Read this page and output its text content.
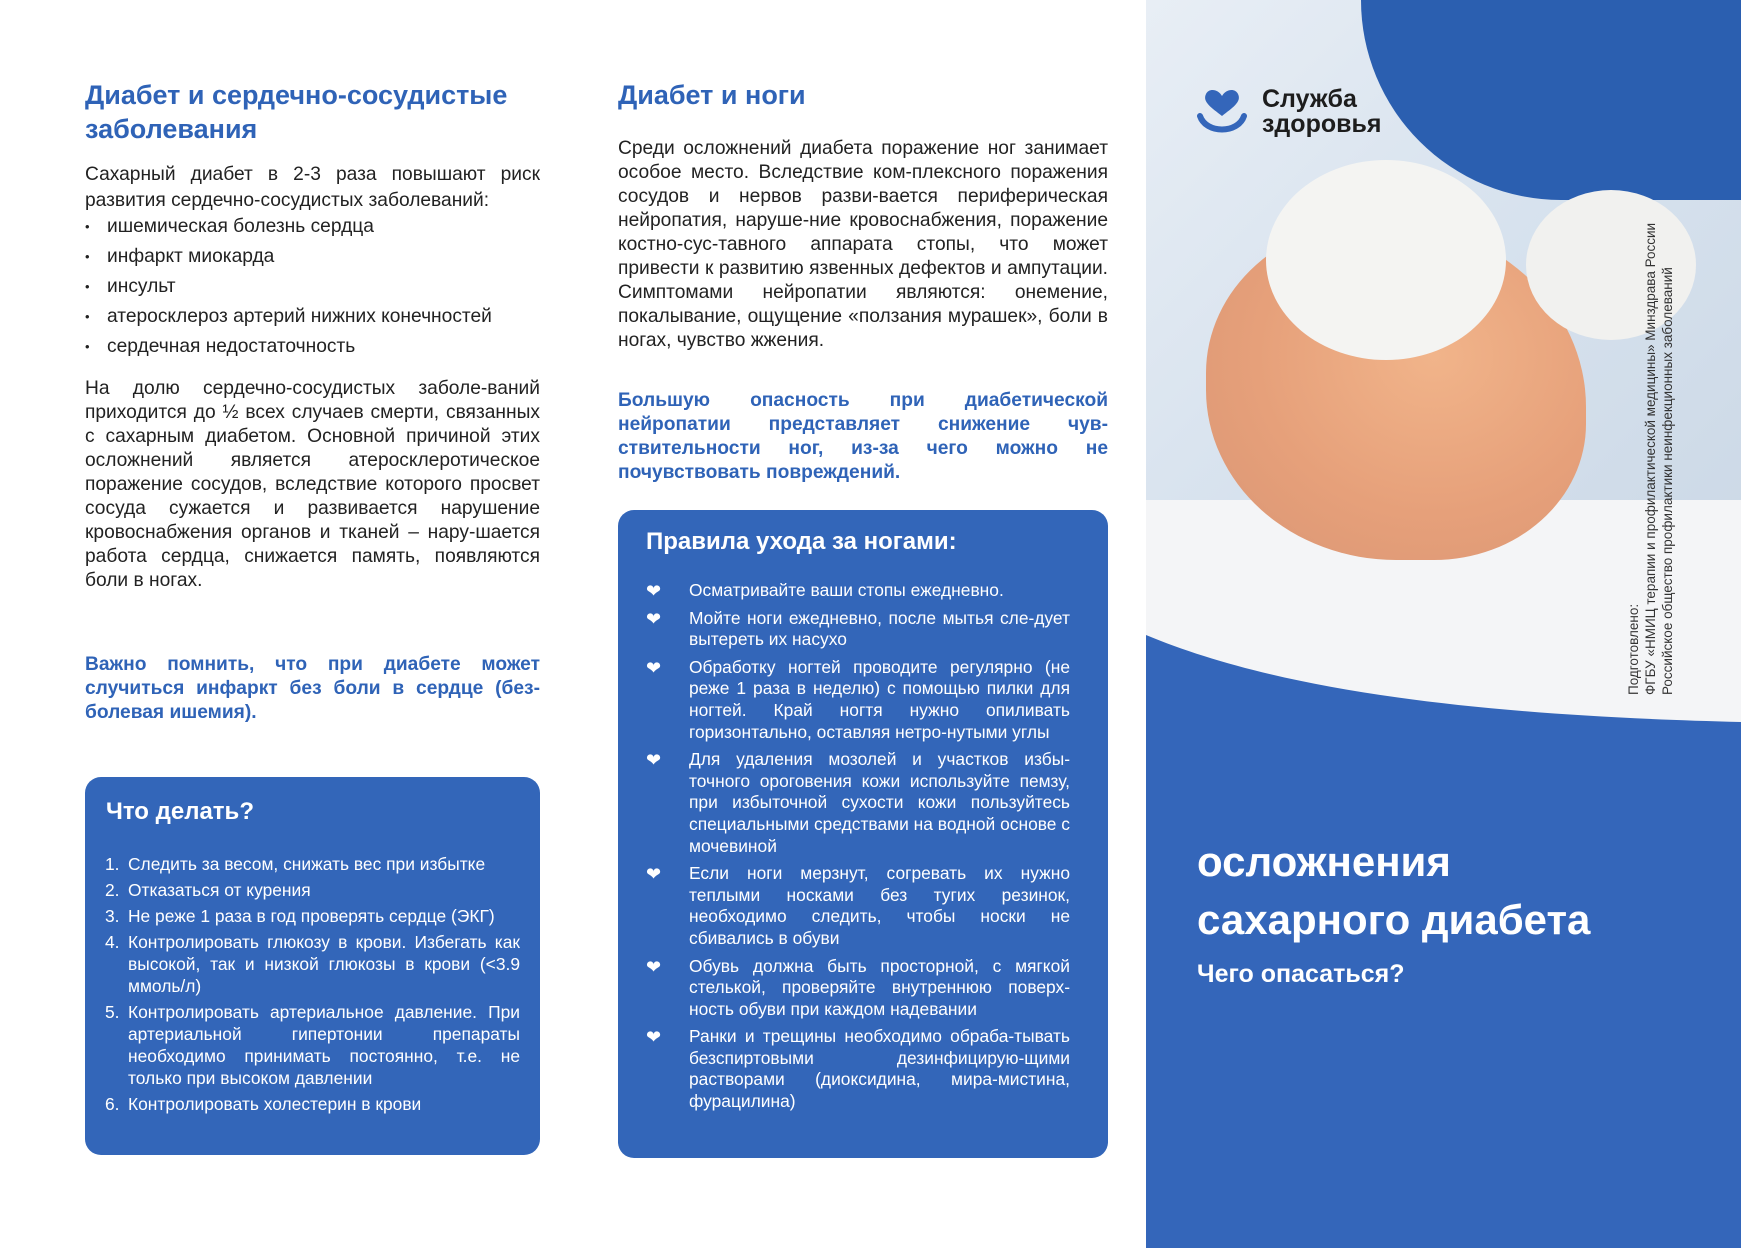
Диабет и сердечно-сосудистые заболевания

Сахарный диабет в 2-3 раза повышают риск развития сердечно-сосудистых заболеваний:

• ишемическая болезнь сердца
• инфаркт миокарда
• инсульт
• атеросклероз артерий нижних конечностей
• сердечная недостаточность

На долю сердечно-сосудистых заболе-ваний приходится до ½ всех случаев смерти, связанных с сахарным диабетом. Основной причиной этих осложнений является атеросклеротическое поражение сосудов, вследствие которого просвет сосуда сужается и развивается нарушение кровоснабжения органов и тканей – нару-шается работа сердца, снижается память, появляются боли в ногах.

Важно помнить, что при диабете может случиться инфаркт без боли в сердце (без-болевая ишемия).

Что делать?
1. Следить за весом, снижать вес при избытке
2. Отказаться от курения
3. Не реже 1 раза в год проверять сердце (ЭКГ)
4. Контролировать глюкозу в крови. Избегать как высокой, так и низкой глюкозы в крови (<3.9 ммоль/л)
5. Контролировать артериальное давление. При артериальной гипертонии препараты необходимо принимать постоянно, т.е. не только при высоком давлении
6. Контролировать холестерин в крови
Диабет и ноги

Среди осложнений диабета поражение ног занимает особое место. Вследствие ком-плексного поражения сосудов и нервов разви-вается периферическая нейропатия, наруше-ние кровоснабжения, поражение костно-сус-тавного аппарата стопы, что может привести к развитию язвенных дефектов и ампутации. Симптомами нейропатии являются: онемение, покалывание, ощущение «ползания мурашек», боли в ногах, чувство жжения.

Большую опасность при диабетической нейропатии представляет снижение чув-ствительности ног, из-за чего можно не почувствовать повреждений.

Правила ухода за ногами:
❤ Осматривайте ваши стопы ежедневно.
❤ Мойте ноги ежедневно, после мытья сле-дует вытереть их насухо
❤ Обработку ногтей проводите регулярно (не реже 1 раза в неделю) с помощью пилки для ногтей. Край ногтя нужно опиливать горизонтально, оставляя нетро-нутыми углы
❤ Для удаления мозолей и участков избы-точного ороговения кожи используйте пемзу, при избыточной сухости кожи пользуйтесь специальными средствами на водной основе с мочевиной
❤ Если ноги мерзнут, согревать их нужно теплыми носками без тугих резинок, необходимо следить, чтобы носки не сбивались в обуви
❤ Обувь должна быть просторной, с мягкой стелькой, проверяйте внутреннюю поверх-ность обуви при каждом надевании
❤ Ранки и трещины необходимо обраба-тывать безспиртовыми дезинфицирую-щими растворами (диоксидина, мира-мистина, фурацилина)
Служба
здоровья
Подготовлено: ФГБУ «НМИЦ терапии и профилактической медицины» Минздрава России Российское общество профилактики неинфекционных заболеваний
осложнения
сахарного диабета
Чего опасаться?
